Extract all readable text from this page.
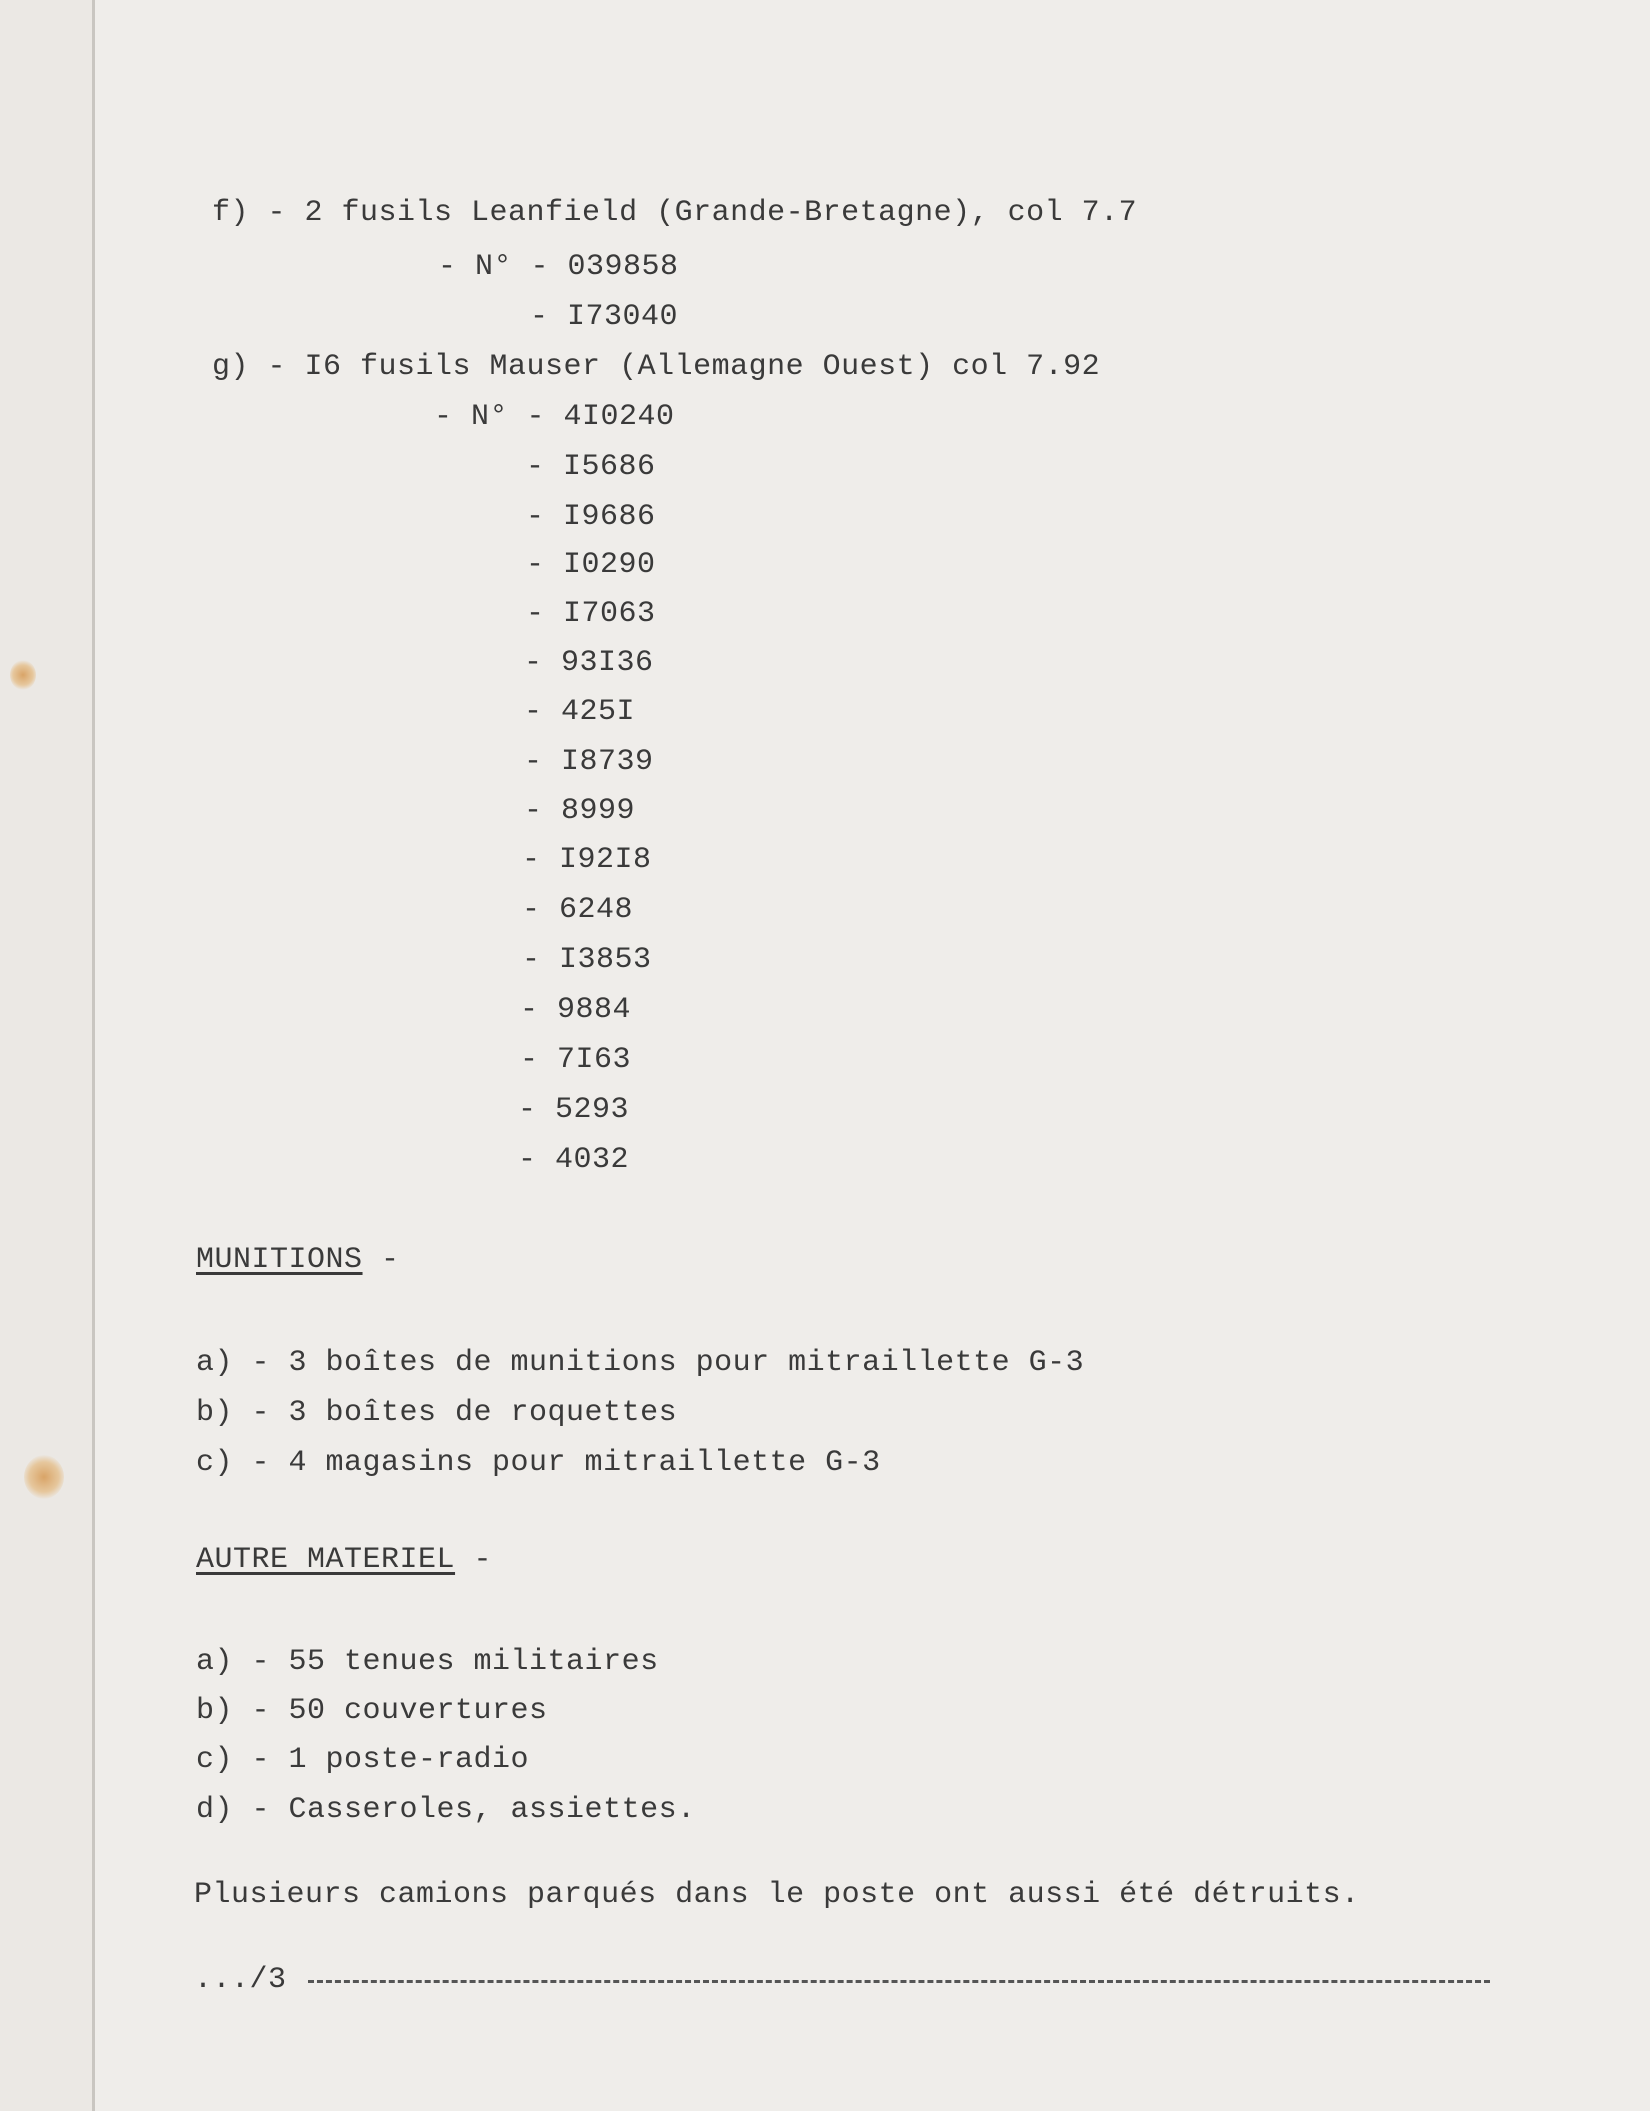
f) - 2 fusils Leanfield (Grande-Bretagne), col 7.7
- N° - 039858
- I73040
g) - I6 fusils Mauser (Allemagne Ouest) col 7.92
- N° - 4I0240
- I5686
- I9686
- I0290
- I7063
- 93I36
- 425I
- I8739
- 8999
- I92I8
- 6248
- I3853
- 9884
- 7I63
- 5293
- 4032
MUNITIONS -
a) - 3 boîtes de munitions pour mitraillette G-3
b) - 3 boîtes de roquettes
c) - 4 magasins pour mitraillette G-3
AUTRE MATERIEL -
a) - 55 tenues militaires
b) - 50 couvertures
c) - 1 poste-radio
d) - Casseroles, assiettes.
Plusieurs camions parqués dans le poste ont aussi été détruits.
.../3
